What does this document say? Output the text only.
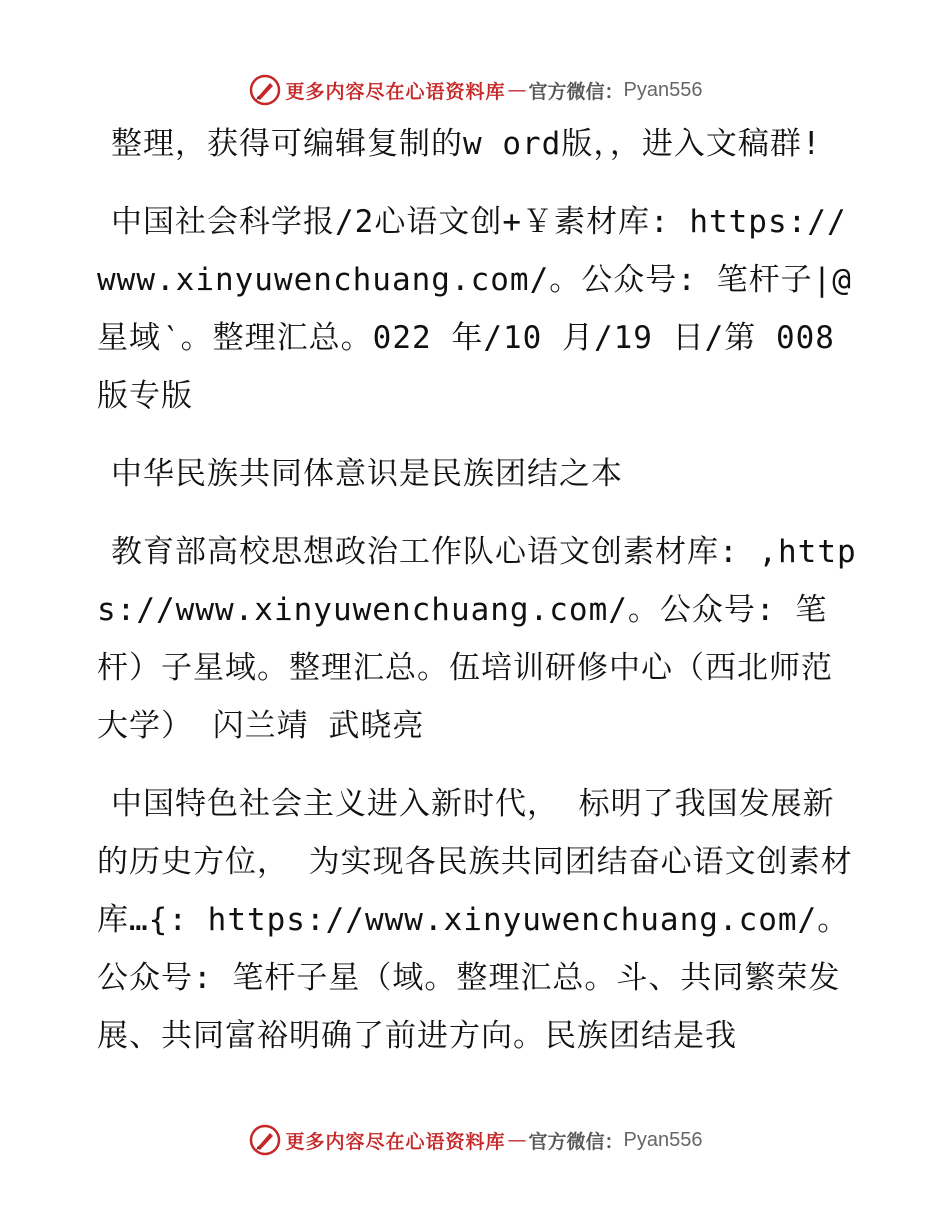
更多内容尽在心语资料库 — 官方微信： Pyan556

整理，获得可编辑复制的w ord版，，进入文稿群!

中国社会科学报/2心语文创+￥素材库: https://www.xinyuwenchuang.com/。公众号: 笔杆子|@星域‵。整理汇总。022 年/10 月/19 日/第 008 版专版

中华民族共同体意识是民族团结之本

教育部高校思想政治工作队心语文创素材库: ,https://www.xinyuwenchuang.com/。公众号: 笔杆）子星域。整理汇总。伍培训研修中心（西北师范大学） 闪兰靖 武晓亮

中国特色社会主义进入新时代， 标明了我国发展新的历史方位， 为实现各民族共同团结奋心语文创素材库…{: https://www.xinyuwenchuang.com/。公众号: 笔杆子星（域。整理汇总。斗、共同繁荣发展、共同富裕明确了前进方向。民族团结是我

更多内容尽在心语资料库 — 官方微信： Pyan556
